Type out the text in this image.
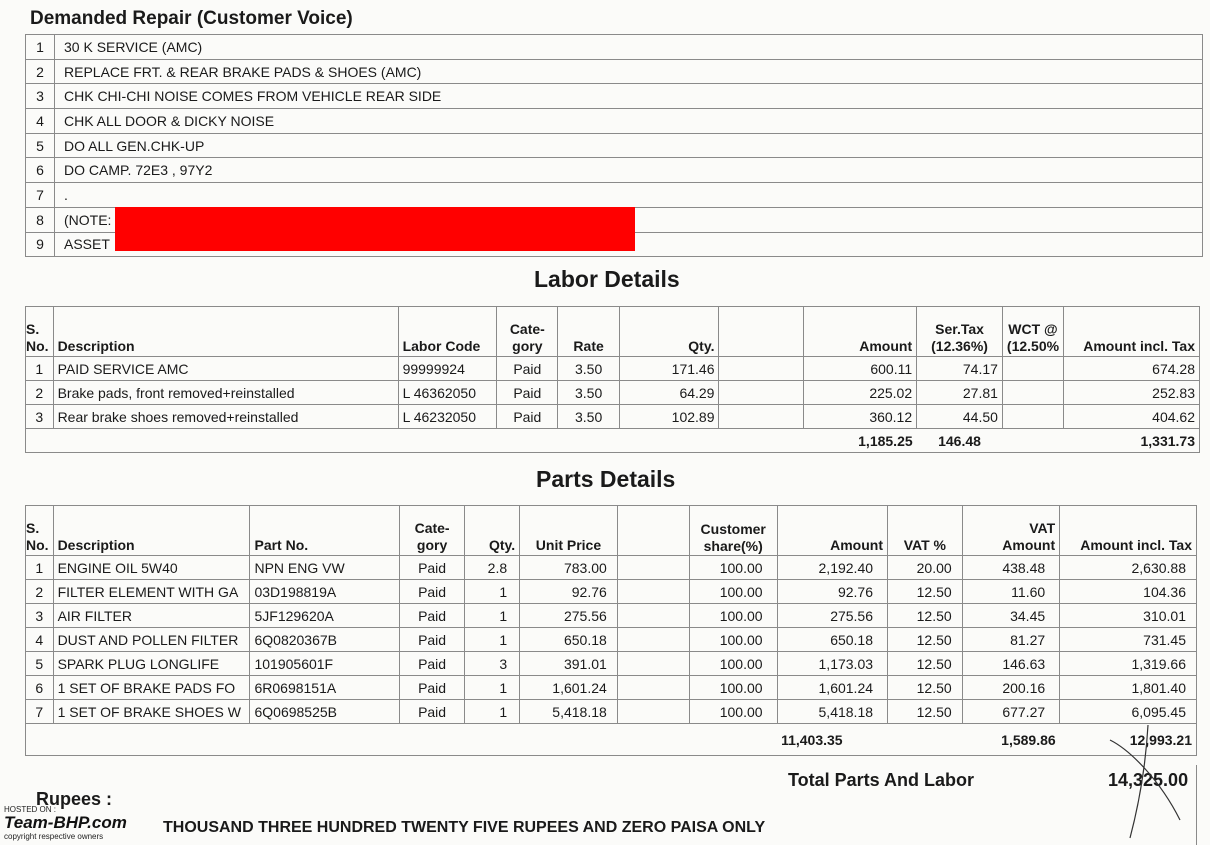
Demanded Repair (Customer Voice)
1	30 K SERVICE (AMC)
2	REPLACE FRT. & REAR BRAKE PADS & SHOES (AMC)
3	CHK CHI-CHI NOISE COMES FROM VEHICLE REAR SIDE
4	CHK ALL DOOR & DICKY NOISE
5	DO ALL GEN.CHK-UP
6	DO CAMP. 72E3 , 97Y2
7	.
8	(NOTE:
9	ASSET
Labor Details
S.
No.	Description	Labor Code	Cate-
gory	Rate	Qty.		Amount	Ser.Tax
(12.36%)	WCT @
(12.50%	Amount incl. Tax
1	PAID SERVICE AMC	99999924	Paid	3.50	171.46		600.11	74.17		674.28
2	Brake pads, front removed+reinstalled	L 46362050	Paid	3.50	64.29		225.02	27.81		252.83
3	Rear brake shoes removed+reinstalled	L 46232050	Paid	3.50	102.89		360.12	44.50		404.62
							1,185.25	146.48		1,331.73
Parts Details
S.
No.	Description	Part No.	Cate-
gory	Qty.	Unit Price		Customer
share(%)	Amount	VAT %	VAT
Amount	Amount incl. Tax
1	ENGINE OIL 5W40	NPN ENG VW	Paid	2.8	783.00		100.00	2,192.40	20.00	438.48	2,630.88
2	FILTER ELEMENT WITH GA	03D198819A	Paid	1	92.76		100.00	92.76	12.50	11.60	104.36
3	AIR FILTER	5JF129620A	Paid	1	275.56		100.00	275.56	12.50	34.45	310.01
4	DUST AND POLLEN FILTER	6Q0820367B	Paid	1	650.18		100.00	650.18	12.50	81.27	731.45
5	SPARK PLUG LONGLIFE	101905601F	Paid	3	391.01		100.00	1,173.03	12.50	146.63	1,319.66
6	1 SET OF BRAKE PADS FO	6R0698151A	Paid	1	1,601.24		100.00	1,601.24	12.50	200.16	1,801.40
7	1 SET OF BRAKE SHOES W	6Q0698525B	Paid	1	5,418.18		100.00	5,418.18	12.50	677.27	6,095.45
								11,403.35		1,589.86	12,993.21
Total Parts And Labor	14,325.00
Rupees :
THOUSAND THREE HUNDRED TWENTY FIVE RUPEES AND ZERO PAISA ONLY
HOSTED ON :
Team-BHP.com
copyright respective owners
